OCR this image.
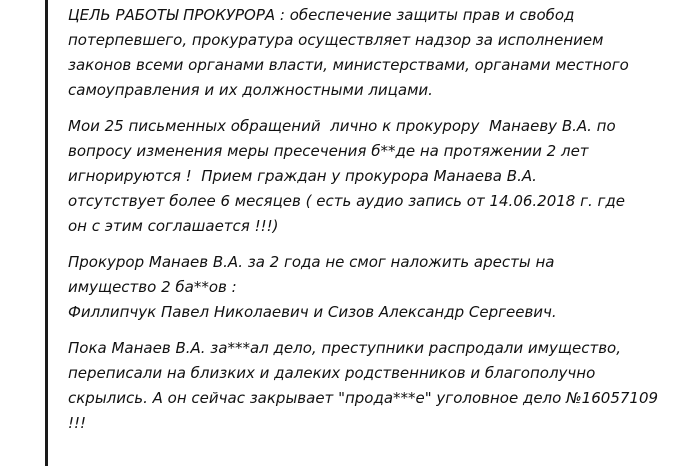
ЦЕЛЬ РАБОТЫ ПРОКУРОРА : обеспечение защиты прав и свобод
потерпевшего, прокуратура осуществляет надзор за исполнением
законов всеми органами власти, министерствами, органами местного
самоуправления и их должностными лицами.

Мои 25 письменных обращений  лично к прокурору  Манаеву В.А. по
вопросу изменения меры пресечения б**де на протяжении 2 лет
игнорируются !  Прием граждан у прокурора Манаева В.А.
отсутствует более 6 месяцев ( есть аудио запись от 14.06.2018 г. где
он с этим соглашается !!!)

Прокурор Манаев В.А. за 2 года не смог наложить аресты на
имущество 2 ба**ов :
Филлипчук Павел Николаевич и Сизов Александр Сергеевич.

Пока Манаев В.А. за***ал дело, преступники распродали имущество,
переписали на близких и далеких родственников и благополучно
скрылись. А он сейчас закрывает "прода***е" уголовное дело №16057109
!!!
